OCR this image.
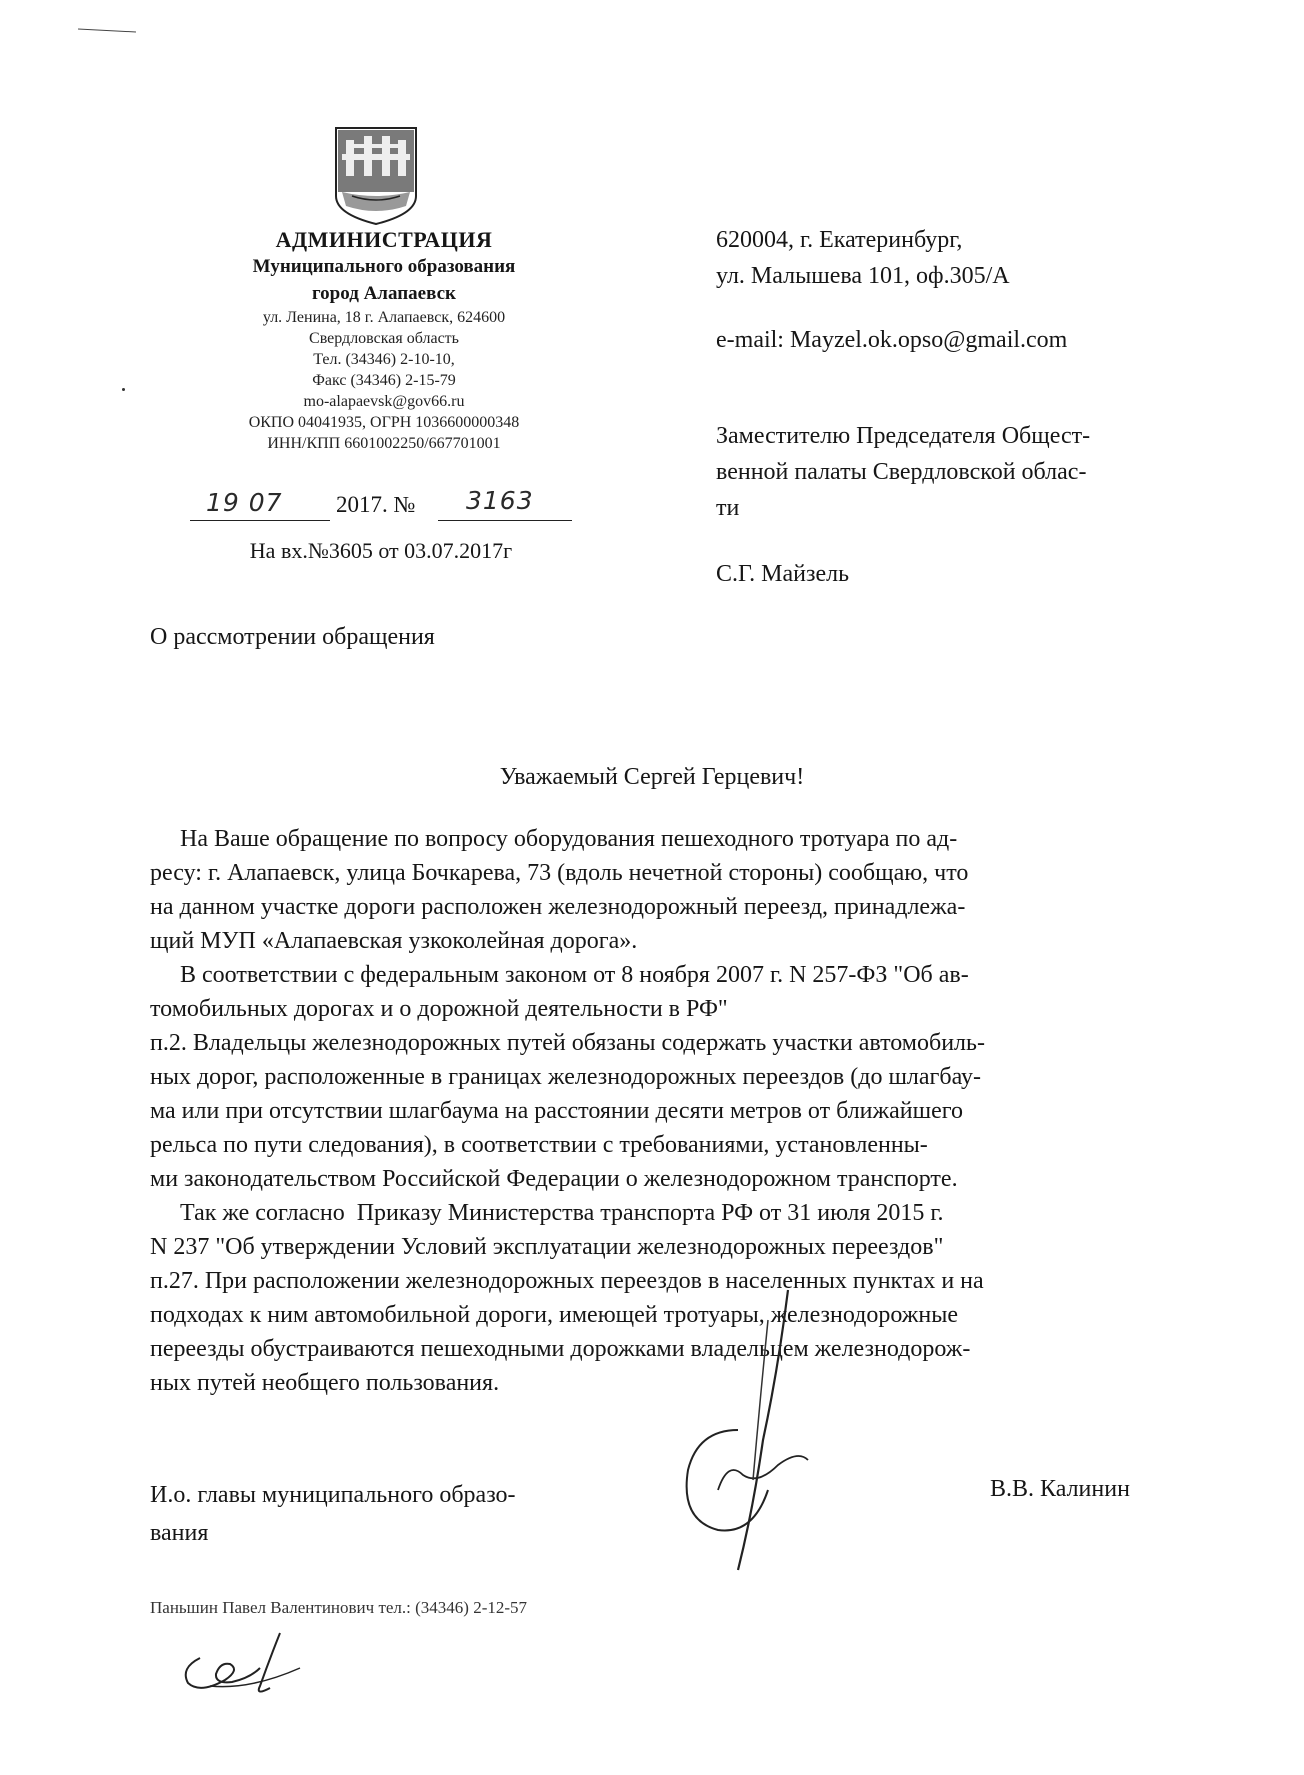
АДМИНИСТРАЦИЯ
Муниципального образования
город Алапаевск
ул. Ленина, 18 г. Алапаевск, 624600
Свердловская область
Тел. (34346) 2-10-10,
Факс (34346) 2-15-79
mo-alapaevsk@gov66.ru
ОКПО 04041935, ОГРН 1036600000348
ИНН/КПП 6601002250/667701001
19 07 2017. № 3163
На вх.№3605 от 03.07.2017г
620004, г. Екатеринбург,
ул. Малышева 101, оф.305/А
e-mail: Mayzel.ok.opso@gmail.com
Заместителю Председателя Общест-
венной палаты Свердловской облас-
ти
С.Г. Майзель
О рассмотрении обращения
Уважаемый Сергей Герцевич!
На Ваше обращение по вопросу оборудования пешеходного тротуара по ад-
ресу: г. Алапаевск, улица Бочкарева, 73 (вдоль нечетной стороны) сообщаю, что
на данном участке дороги расположен железнодорожный переезд, принадлежа-
щий МУП «Алапаевская узкоколейная дорога».
В соответствии с федеральным законом от 8 ноября 2007 г. N 257-ФЗ "Об ав-
томобильных дорогах и о дорожной деятельности в РФ"
п.2. Владельцы железнодорожных путей обязаны содержать участки автомобиль-
ных дорог, расположенные в границах железнодорожных переездов (до шлагбау-
ма или при отсутствии шлагбаума на расстоянии десяти метров от ближайшего
рельса по пути следования), в соответствии с требованиями, установленны-
ми законодательством Российской Федерации о железнодорожном транспорте.
Так же согласно  Приказу Министерства транспорта РФ от 31 июля 2015 г.
N 237 "Об утверждении Условий эксплуатации железнодорожных переездов"
п.27. При расположении железнодорожных переездов в населенных пунктах и на
подходах к ним автомобильной дороги, имеющей тротуары, железнодорожные
переезды обустраиваются пешеходными дорожками владельцем железнодорож-
ных путей необщего пользования.
И.о. главы муниципального образо-
вания
В.В. Калинин
Паньшин Павел Валентинович тел.: (34346) 2-12-57
